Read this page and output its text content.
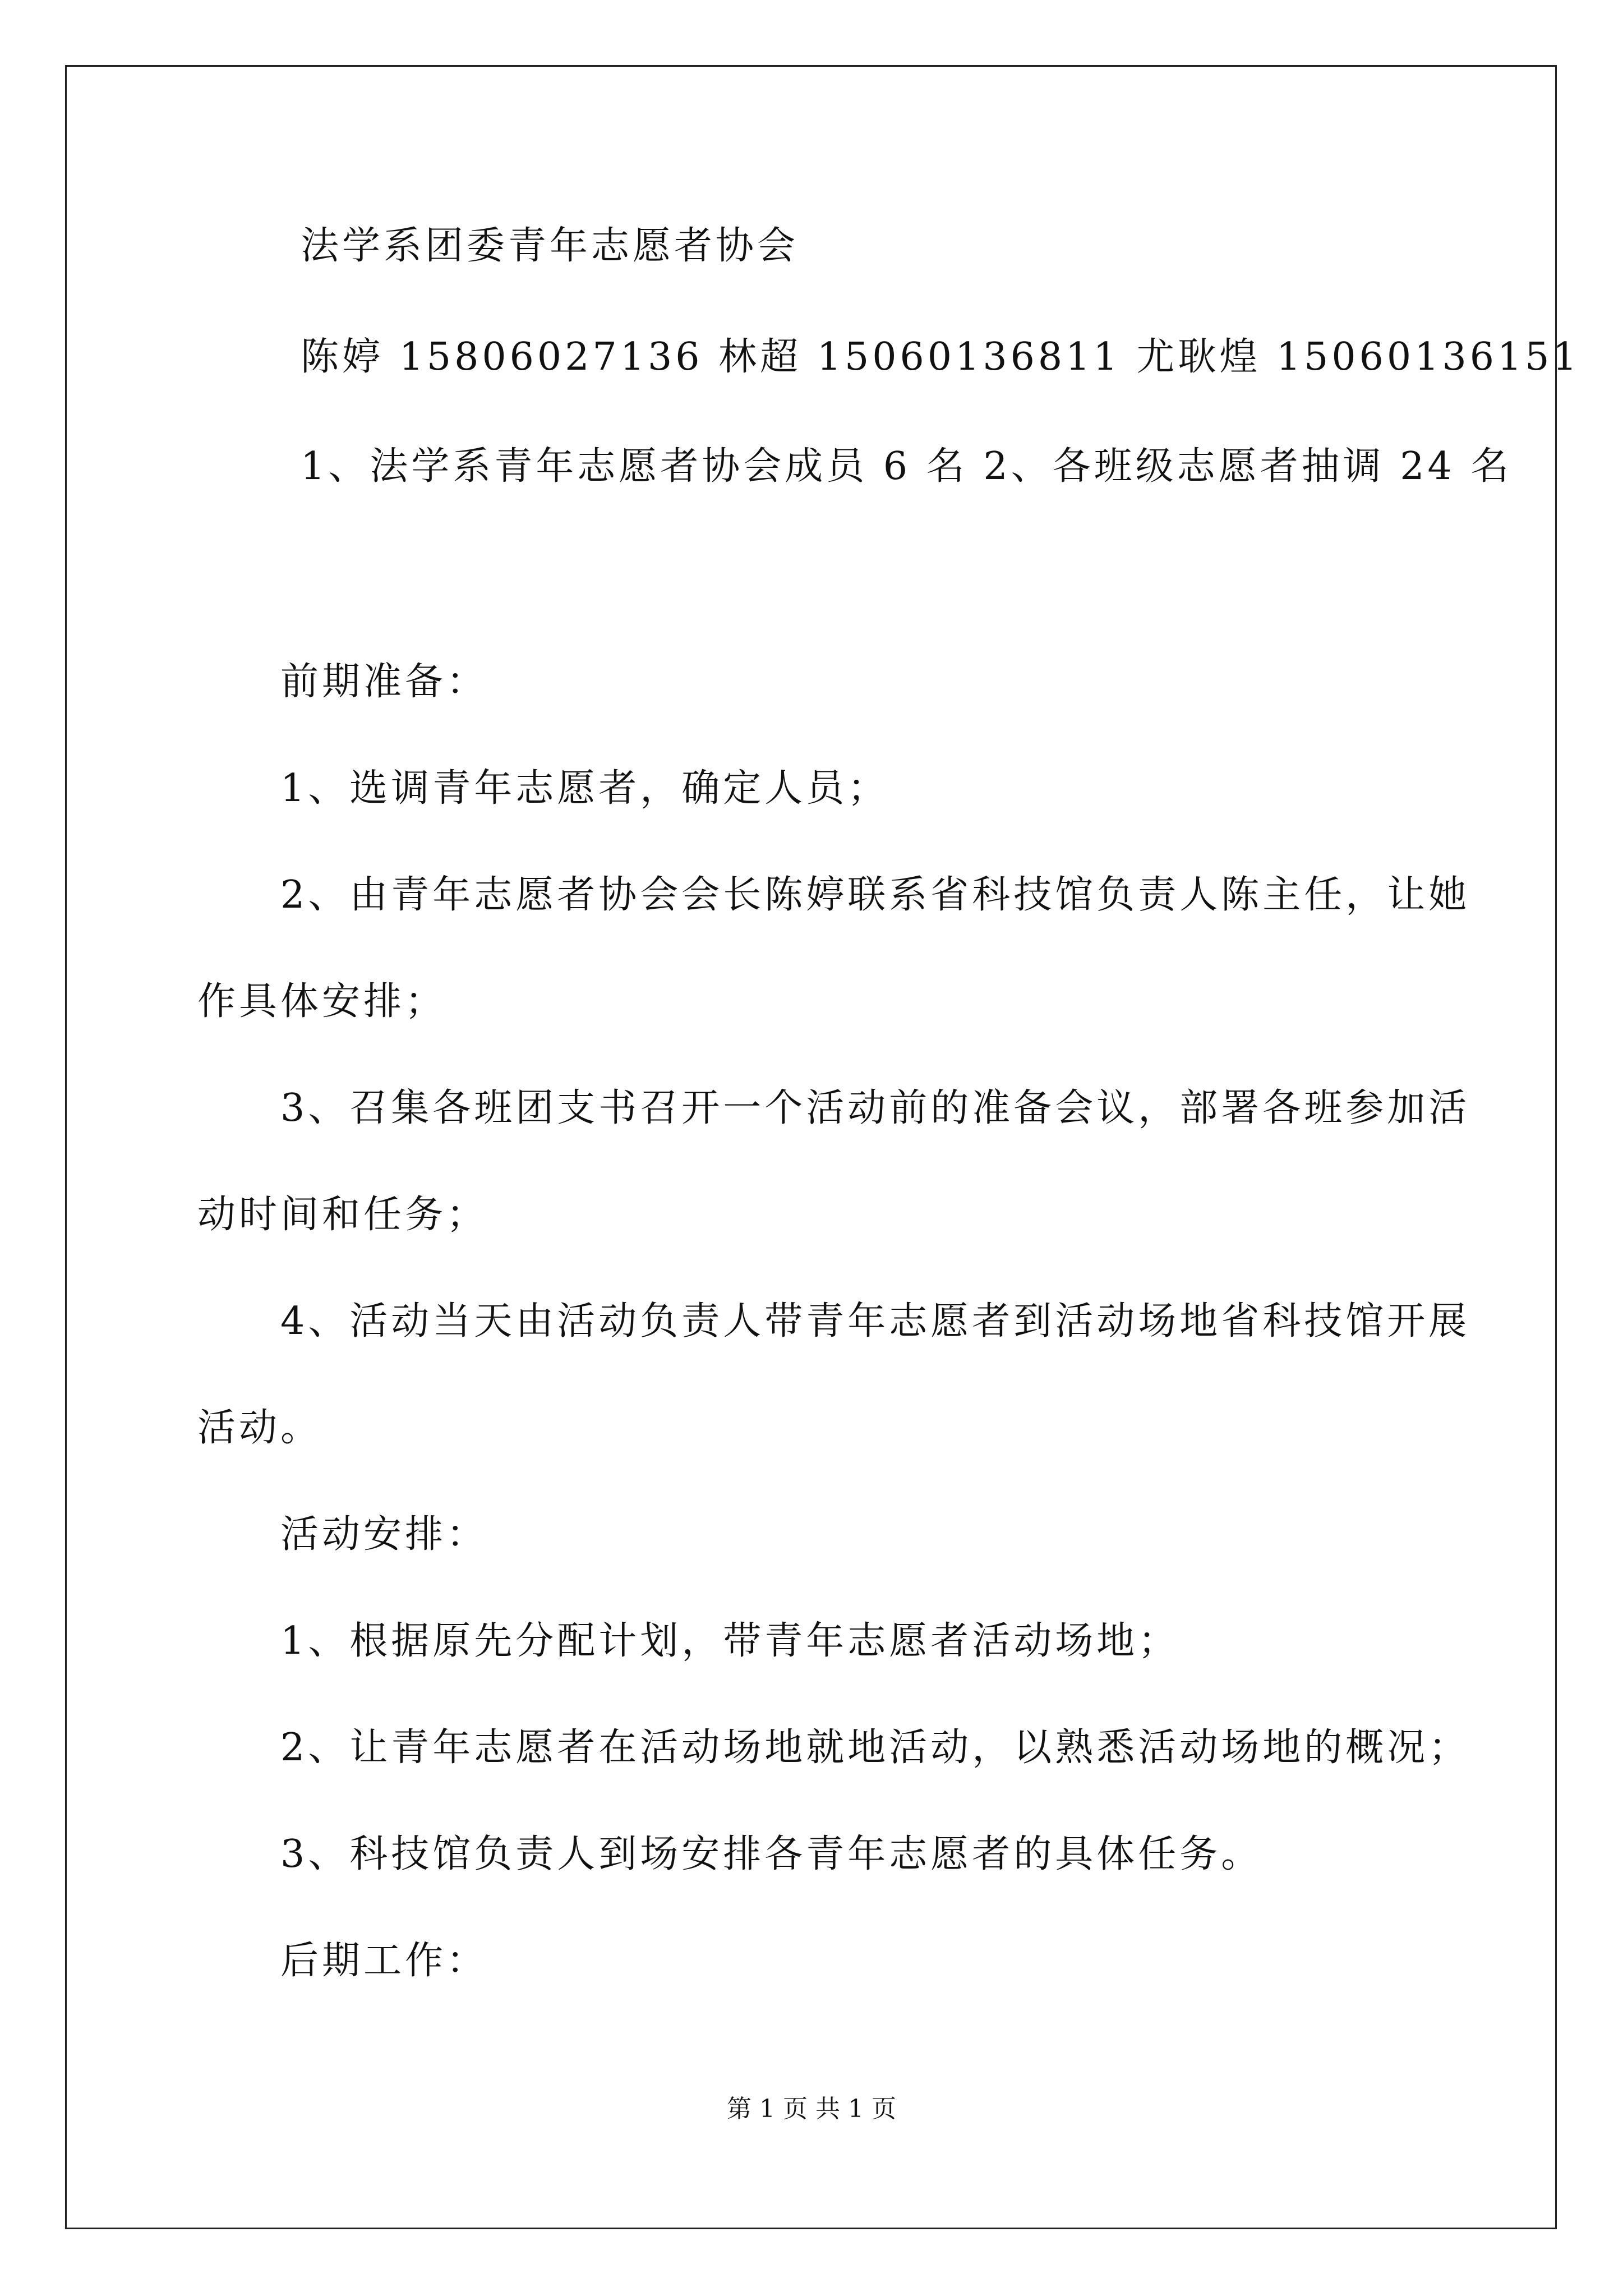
法学系团委青年志愿者协会
陈婷 15806027136 林超 15060136811 尤耿煌 15060136151
1、法学系青年志愿者协会成员 6 名 2、各班级志愿者抽调 24 名
前期准备：
1、选调青年志愿者，确定人员；
2、由青年志愿者协会会长陈婷联系省科技馆负责人陈主任，让她
作具体安排；
3、召集各班团支书召开一个活动前的准备会议，部署各班参加活
动时间和任务；
4、活动当天由活动负责人带青年志愿者到活动场地省科技馆开展
活动。
活动安排：
1、根据原先分配计划，带青年志愿者活动场地；
2、让青年志愿者在活动场地就地活动，以熟悉活动场地的概况；
3、科技馆负责人到场安排各青年志愿者的具体任务。
后期工作：
第 1 页 共 1 页
